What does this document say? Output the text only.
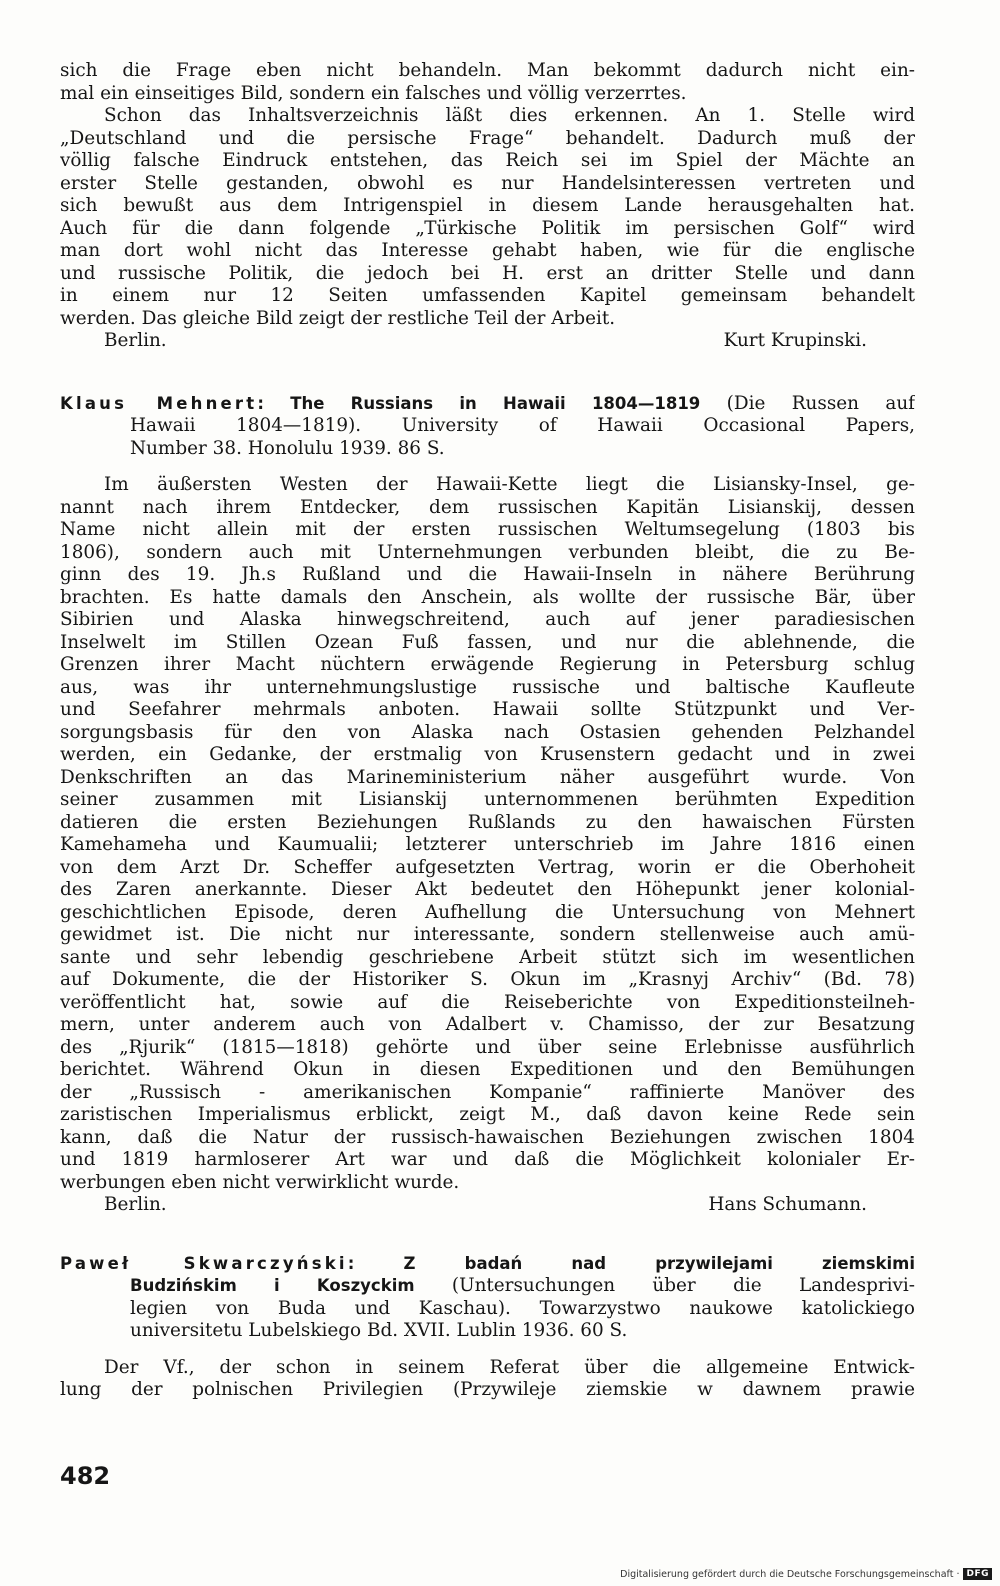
sich die Frage eben nicht behandeln. Man bekommt dadurch nicht ein-
mal ein einseitiges Bild, sondern ein falsches und völlig verzerrtes.
Schon das Inhaltsverzeichnis läßt dies erkennen. An 1. Stelle wird
„Deutschland und die persische Frage“ behandelt. Dadurch muß der
völlig falsche Eindruck entstehen, das Reich sei im Spiel der Mächte an
erster Stelle gestanden, obwohl es nur Handelsinteressen vertreten und
sich bewußt aus dem Intrigenspiel in diesem Lande herausgehalten hat.
Auch für die dann folgende „Türkische Politik im persischen Golf“ wird
man dort wohl nicht das Interesse gehabt haben, wie für die englische
und russische Politik, die jedoch bei H. erst an dritter Stelle und dann
in einem nur 12 Seiten umfassenden Kapitel gemeinsam behandelt
werden. Das gleiche Bild zeigt der restliche Teil der Arbeit.
Berlin.	Kurt Krupinski.
Klaus Mehnert: The Russians in Hawaii 1804—1819 (Die Russen auf
Hawaii 1804—1819). University of Hawaii Occasional Papers,
Number 38. Honolulu 1939. 86 S.
Im äußersten Westen der Hawaii-Kette liegt die Lisiansky-Insel, ge-
nannt nach ihrem Entdecker, dem russischen Kapitän Lisianskij, dessen
Name nicht allein mit der ersten russischen Weltumsegelung (1803 bis
1806), sondern auch mit Unternehmungen verbunden bleibt, die zu Be-
ginn des 19. Jh.s Rußland und die Hawaii-Inseln in nähere Berührung
brachten. Es hatte damals den Anschein, als wollte der russische Bär, über
Sibirien und Alaska hinwegschreitend, auch auf jener paradiesischen
Inselwelt im Stillen Ozean Fuß fassen, und nur die ablehnende, die
Grenzen ihrer Macht nüchtern erwägende Regierung in Petersburg schlug
aus, was ihr unternehmungslustige russische und baltische Kaufleute
und Seefahrer mehrmals anboten. Hawaii sollte Stützpunkt und Ver-
sorgungsbasis für den von Alaska nach Ostasien gehenden Pelzhandel
werden, ein Gedanke, der erstmalig von Krusenstern gedacht und in zwei
Denkschriften an das Marineministerium näher ausgeführt wurde. Von
seiner zusammen mit Lisianskij unternommenen berühmten Expedition
datieren die ersten Beziehungen Rußlands zu den hawaischen Fürsten
Kamehameha und Kaumualii; letzterer unterschrieb im Jahre 1816 einen
von dem Arzt Dr. Scheffer aufgesetzten Vertrag, worin er die Oberhoheit
des Zaren anerkannte. Dieser Akt bedeutet den Höhepunkt jener kolonial-
geschichtlichen Episode, deren Aufhellung die Untersuchung von Mehnert
gewidmet ist. Die nicht nur interessante, sondern stellenweise auch amü-
sante und sehr lebendig geschriebene Arbeit stützt sich im wesentlichen
auf Dokumente, die der Historiker S. Okun im „Krasnyj Archiv“ (Bd. 78)
veröffentlicht hat, sowie auf die Reiseberichte von Expeditionsteilneh-
mern, unter anderem auch von Adalbert v. Chamisso, der zur Besatzung
des „Rjurik“ (1815—1818) gehörte und über seine Erlebnisse ausführlich
berichtet. Während Okun in diesen Expeditionen und den Bemühungen
der „Russisch - amerikanischen Kompanie“ raffinierte Manöver des
zaristischen Imperialismus erblickt, zeigt M., daß davon keine Rede sein
kann, daß die Natur der russisch-hawaischen Beziehungen zwischen 1804
und 1819 harmloserer Art war und daß die Möglichkeit kolonialer Er-
werbungen eben nicht verwirklicht wurde.
Berlin.	Hans Schumann.
Paweł Skwarczyński: Z badań nad przywilejami ziemskimi
Budzińskim i Koszyckim (Untersuchungen über die Landesprivi-
legien von Buda und Kaschau). Towarzystwo naukowe katolickiego
universitetu Lubelskiego Bd. XVII. Lublin 1936. 60 S.
Der Vf., der schon in seinem Referat über die allgemeine Entwick-
lung der polnischen Privilegien (Przywileje ziemskie w dawnem prawie
482
Digitalisierung gefördert durch die Deutsche Forschungsgemeinschaft · DFG
